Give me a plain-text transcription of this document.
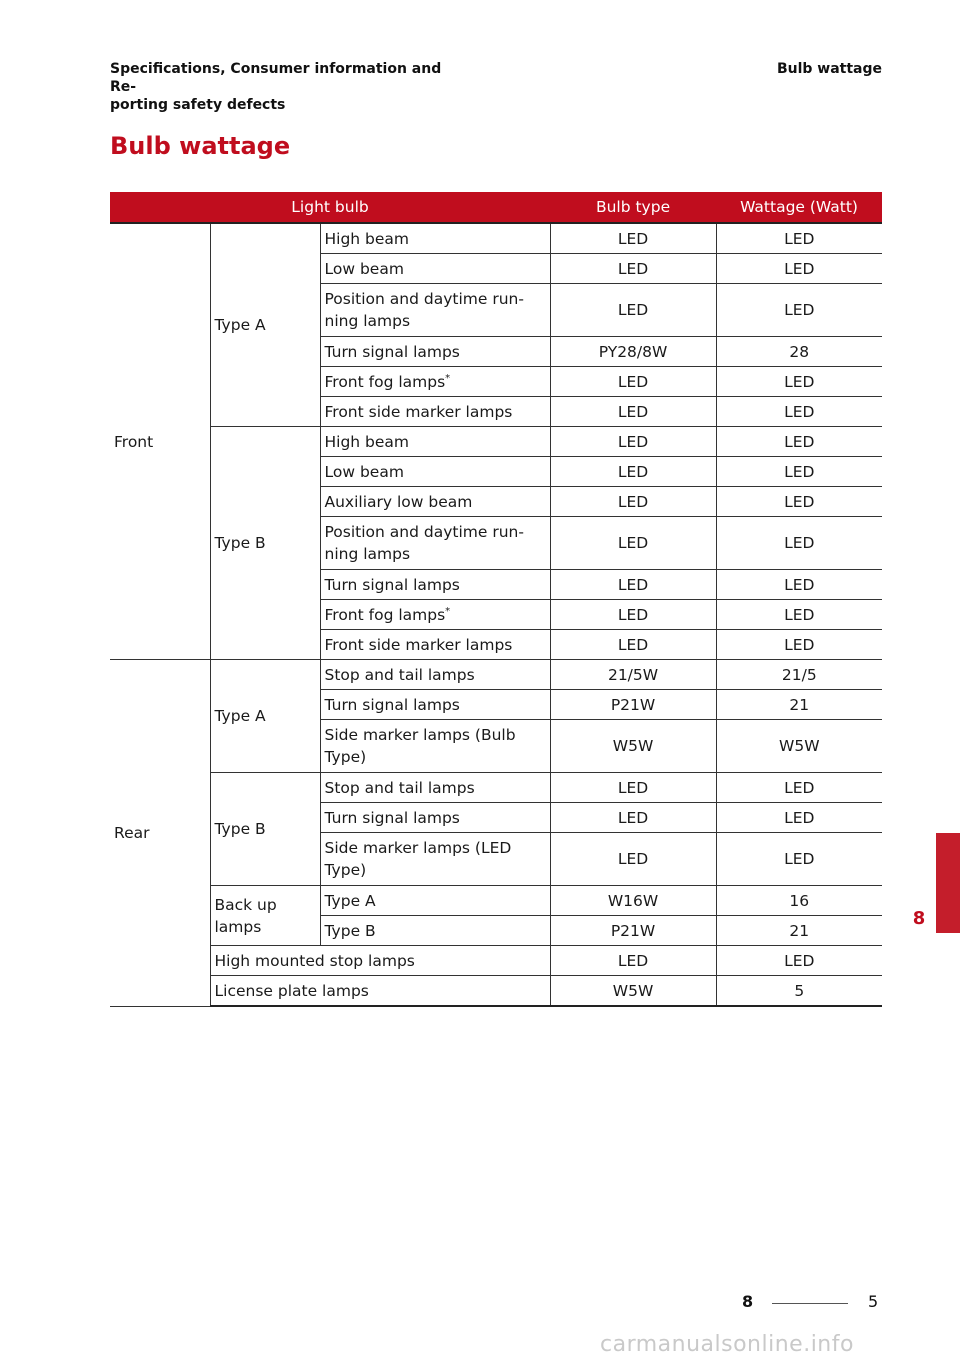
Specifications, Consumer information and Re-
porting safety defects
Bulb wattage
Bulb wattage
Light bulb			Bulb type	Wattage (Watt)
Front	Type A	High beam	LED	LED
		Low beam	LED	LED
		Position and daytime run-
ning lamps	LED	LED
		Turn signal lamps	PY28/8W	28
		Front fog lamps*	LED	LED
		Front side marker lamps	LED	LED
	Type B	High beam	LED	LED
		Low beam	LED	LED
		Auxiliary low beam	LED	LED
		Position and daytime run-
ning lamps	LED	LED
		Turn signal lamps	LED	LED
		Front fog lamps*	LED	LED
		Front side marker lamps	LED	LED
Rear	Type A	Stop and tail lamps	21/5W	21/5
		Turn signal lamps	P21W	21
		Side marker lamps (Bulb
Type)	W5W	W5W
	Type B	Stop and tail lamps	LED	LED
		Turn signal lamps	LED	LED
		Side marker lamps (LED
Type)	LED	LED
	Back up
lamps	Type A	W16W	16
		Type B	P21W	21
	High mounted stop lamps		LED	LED
	License plate lamps		W5W	5
8
8	5
carmanualsonline.info
